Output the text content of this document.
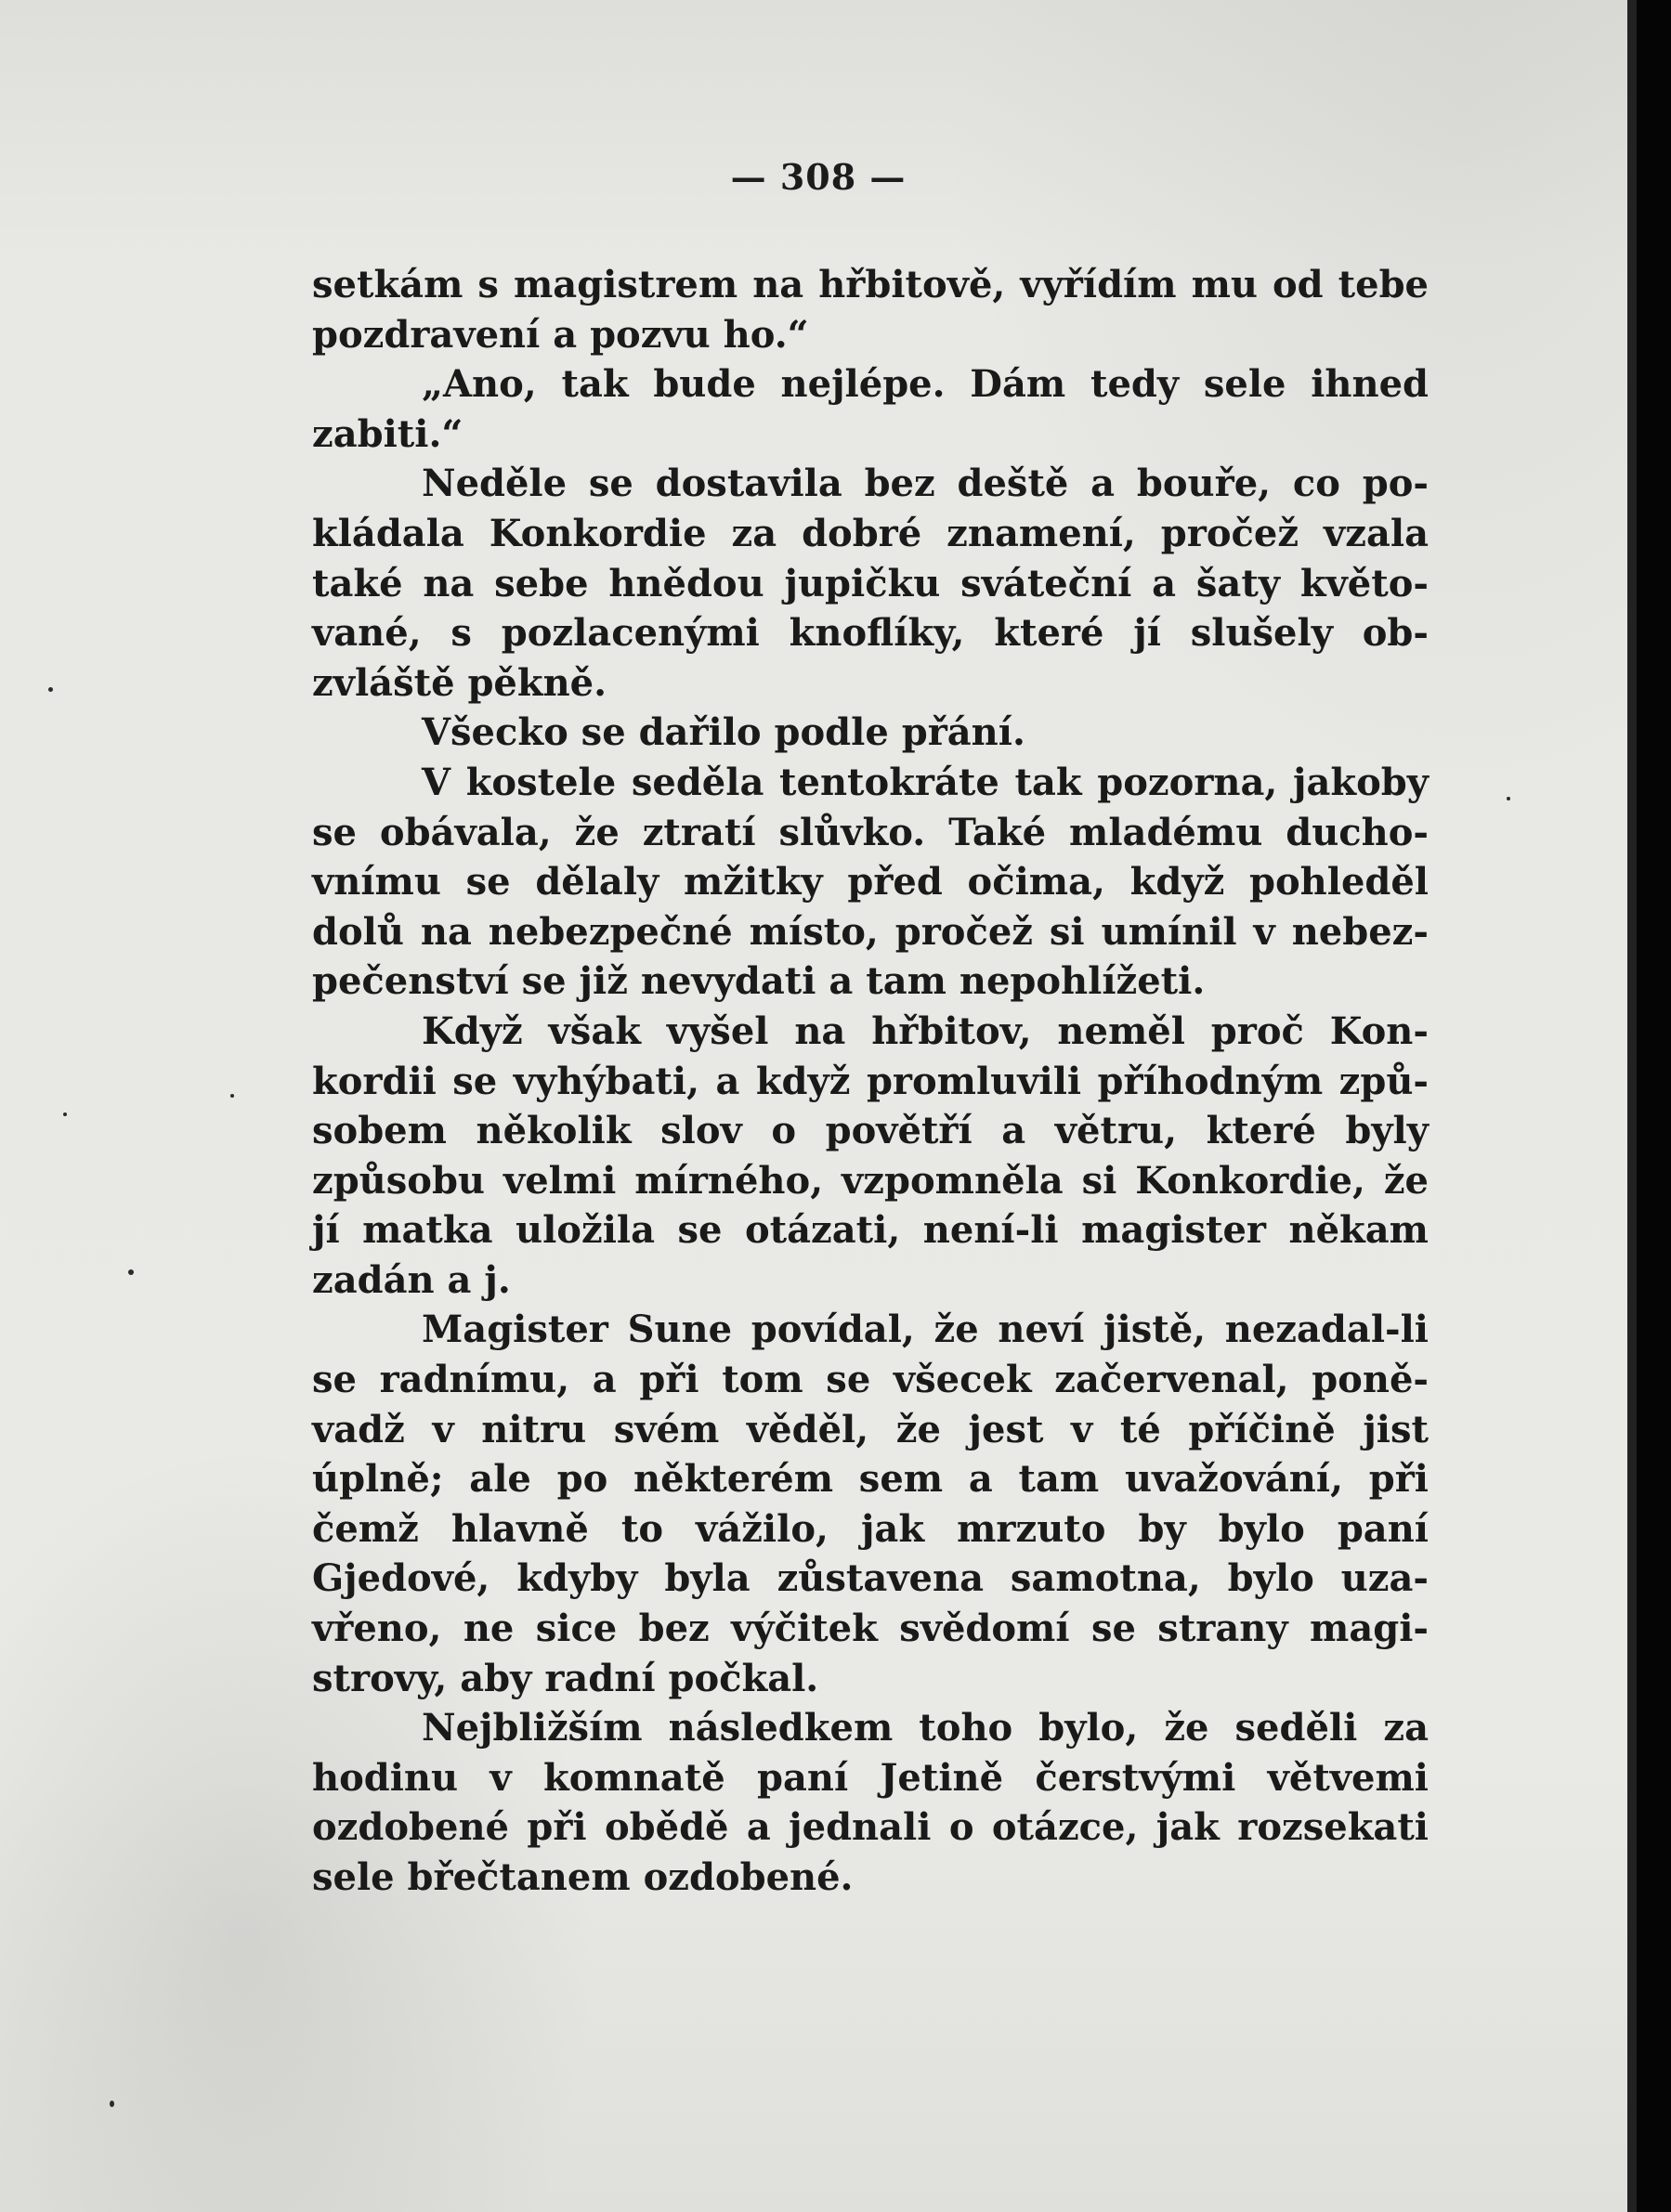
— 308 —
setkám s magistrem na hřbitově, vyřídím mu od tebe
pozdravení a pozvu ho.“
„Ano, tak bude nejlépe. Dám tedy sele ihned
zabiti.“
Neděle se dostavila bez deště a bouře, co po-
kládala Konkordie za dobré znamení, pročež vzala
také na sebe hnědou jupičku sváteční a šaty květo-
vané, s pozlacenými knoflíky, které jí slušely ob-
zvláště pěkně.
Všecko se dařilo podle přání.
V kostele seděla tentokráte tak pozorna, jakoby
se obávala, že ztratí slůvko. Také mladému ducho-
vnímu se dělaly mžitky před očima, když pohleděl
dolů na nebezpečné místo, pročež si umínil v nebez-
pečenství se již nevydati a tam nepohlížeti.
Když však vyšel na hřbitov, neměl proč Kon-
kordii se vyhýbati, a když promluvili příhodným způ-
sobem několik slov o povětří a větru, které byly
způsobu velmi mírného, vzpomněla si Konkordie, že
jí matka uložila se otázati, není-li magister někam
zadán a j.
Magister Sune povídal, že neví jistě, nezadal-li
se radnímu, a při tom se všecek začervenal, poně-
vadž v nitru svém věděl, že jest v té příčině jist
úplně; ale po některém sem a tam uvažování, při
čemž hlavně to vážilo, jak mrzuto by bylo paní
Gjedové, kdyby byla zůstavena samotna, bylo uza-
vřeno, ne sice bez výčitek svědomí se strany magi-
strovy, aby radní počkal.
Nejbližším následkem toho bylo, že seděli za
hodinu v komnatě paní Jetině čerstvými větvemi
ozdobené při obědě a jednali o otázce, jak rozsekati
sele břečtanem ozdobené.
